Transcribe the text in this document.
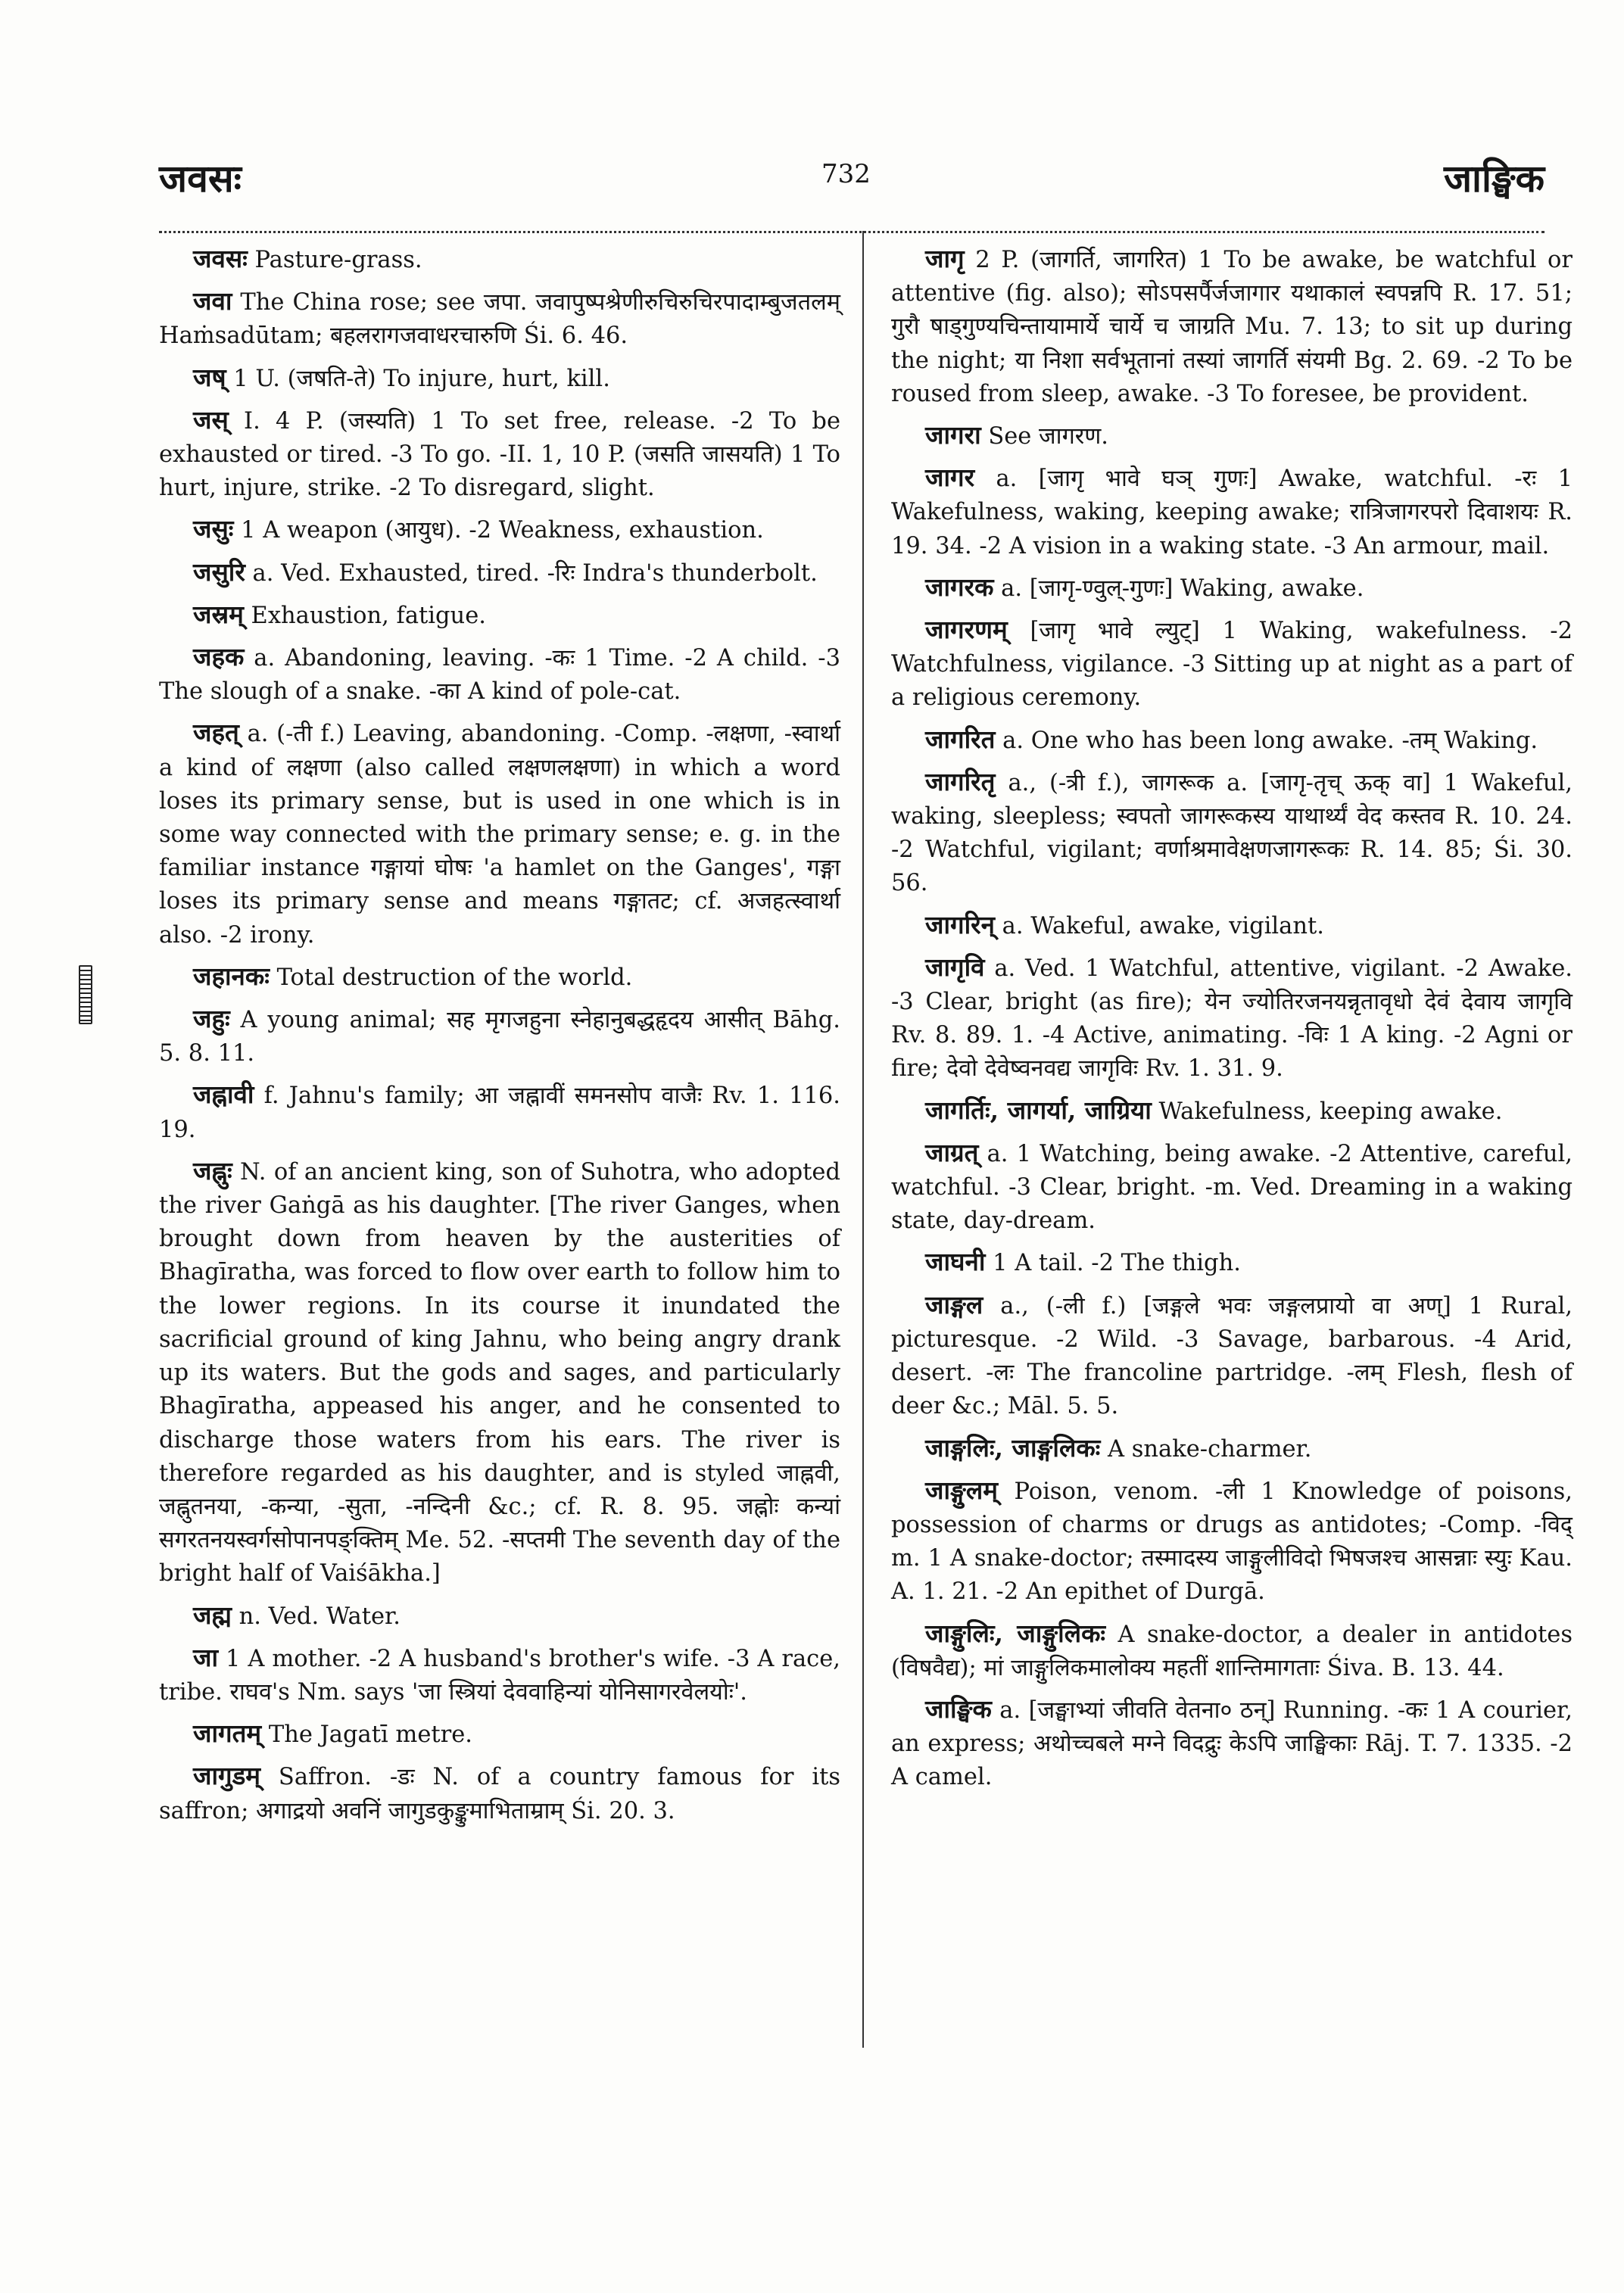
जवसः	732	जाङ्घिक

जवसः Pasture-grass.

जवा The China rose; see जपा. जवापुष्पश्रेणीरुचिरुचिरपादाम्बुजतलम् Haṁsadūtam; बहलरागजवाधरचारुणि Śi. 6. 46.

जष् 1 U. (जषति-ते) To injure, hurt, kill.

जस् I. 4 P. (जस्यति) 1 To set free, release. -2 To be exhausted or tired. -3 To go. -II. 1, 10 P. (जसति जासयति) 1 To hurt, injure, strike. -2 To disregard, slight.

जसुः 1 A weapon (आयुध). -2 Weakness, exhaustion.

जसुरि a. Ved. Exhausted, tired. -रिः Indra's thunderbolt.

जस्रम् Exhaustion, fatigue.

जहक a. Abandoning, leaving. -कः 1 Time. -2 A child. -3 The slough of a snake. -का A kind of pole-cat.

जहत् a. (-ती f.) Leaving, abandoning. -Comp. -लक्षणा, -स्वार्था a kind of लक्षणा (also called लक्षणलक्षणा) in which a word loses its primary sense, but is used in one which is in some way connected with the primary sense; e. g. in the familiar instance गङ्गायां घोषः 'a hamlet on the Ganges', गङ्गा loses its primary sense and means गङ्गातट; cf. अजहत्स्वार्था also. -2 irony.

जहानकः Total destruction of the world.

जहुः A young animal; सह मृगजहुना स्नेहानुबद्धहृदय आसीत् Bāhg. 5. 8. 11.

जह्नावी f. Jahnu's family; आ जह्नावीं समनसोप वाजैः Rv. 1. 116. 19.

जह्नुः N. of an ancient king, son of Suhotra, who adopted the river Gaṅgā as his daughter. [The river Ganges, when brought down from heaven by the austerities of Bhagīratha, was forced to flow over earth to follow him to the lower regions. In its course it inundated the sacrificial ground of king Jahnu, who being angry drank up its waters. But the gods and sages, and particularly Bhagīratha, appeased his anger, and he consented to discharge those waters from his ears. The river is therefore regarded as his daughter, and is styled जाह्नवी, जह्नुतनया, -कन्या, -सुता, -नन्दिनी &c.; cf. R. 8. 95. जह्नोः कन्यां सगरतनयस्वर्गसोपानपङ्क्तिम् Me. 52. -सप्तमी The seventh day of the bright half of Vaiśākha.]

जह्म n. Ved. Water.

जा 1 A mother. -2 A husband's brother's wife. -3 A race, tribe. राघव's Nm. says 'जा स्त्रियां देववाहिन्यां योनिसागरवेलयोः'.

जागतम् The Jagatī metre.

जागुडम् Saffron. -डः N. of a country famous for its saffron; अगाद्रयो अवनिं जागुडकुङ्कुमाभिताम्राम् Śi. 20. 3.

जागृ 2 P. (जागर्ति, जागरित) 1 To be awake, be watchful or attentive (fig. also); सोऽपसर्पैर्जजागार यथाकालं स्वपन्नपि R. 17. 51; गुरौ षाड्गुण्यचिन्तायामार्ये चार्ये च जाग्रति Mu. 7. 13; to sit up during the night; या निशा सर्वभूतानां तस्यां जागर्ति संयमी Bg. 2. 69. -2 To be roused from sleep, awake. -3 To foresee, be provident.

जागरा See जागरण.

जागर a. [जागृ भावे घञ् गुणः] Awake, watchful. -रः 1 Wakefulness, waking, keeping awake; रात्रिजागरपरो दिवाशयः R. 19. 34. -2 A vision in a waking state. -3 An armour, mail.

जागरक a. [जागृ-ण्वुल्-गुणः] Waking, awake.

जागरणम् [जागृ भावे ल्युट्] 1 Waking, wakefulness. -2 Watchfulness, vigilance. -3 Sitting up at night as a part of a religious ceremony.

जागरित a. One who has been long awake. -तम् Waking.

जागरितृ a., (-त्री f.), जागरूक a. [जागृ-तृच् ऊक् वा] 1 Wakeful, waking, sleepless; स्वपतो जागरूकस्य याथार्थ्यं वेद कस्तव R. 10. 24. -2 Watchful, vigilant; वर्णाश्रमावेक्षणजागरूकः R. 14. 85; Śi. 30. 56.

जागरिन् a. Wakeful, awake, vigilant.

जागृवि a. Ved. 1 Watchful, attentive, vigilant. -2 Awake. -3 Clear, bright (as fire); येन ज्योतिरजनयन्नृतावृधो देवं देवाय जागृवि Rv. 8. 89. 1. -4 Active, animating. -विः 1 A king. -2 Agni or fire; देवो देवेष्वनवद्य जागृविः Rv. 1. 31. 9.

जागर्तिः, जागर्या, जाग्रिया Wakefulness, keeping awake.

जाग्रत् a. 1 Watching, being awake. -2 Attentive, careful, watchful. -3 Clear, bright. -m. Ved. Dreaming in a waking state, day-dream.

जाघनी 1 A tail. -2 The thigh.

जाङ्गल a., (-ली f.) [जङ्गले भवः जङ्गलप्रायो वा अण्] 1 Rural, picturesque. -2 Wild. -3 Savage, barbarous. -4 Arid, desert. -लः The francoline partridge. -लम् Flesh, flesh of deer &c.; Māl. 5. 5.

जाङ्गलिः, जाङ्गलिकः A snake-charmer.

जाङ्गुलम् Poison, venom. -ली 1 Knowledge of poisons, possession of charms or drugs as antidotes; -Comp. -विद् m. 1 A snake-doctor; तस्मादस्य जाङ्गुलीविदो भिषजश्च आसन्नाः स्युः Kau. A. 1. 21. -2 An epithet of Durgā.

जाङ्गुलिः, जाङ्गुलिकः A snake-doctor, a dealer in antidotes (विषवैद्य); मां जाङ्गुलिकमालोक्य महतीं शान्तिमागताः Śiva. B. 13. 44.

जाङ्घिक a. [जङ्घाभ्यां जीवति वेतना० ठन्] Running. -कः 1 A courier, an express; अथोच्चबले मग्ने विदद्रुः केऽपि जाङ्घिकाः Rāj. T. 7. 1335. -2 A camel.
